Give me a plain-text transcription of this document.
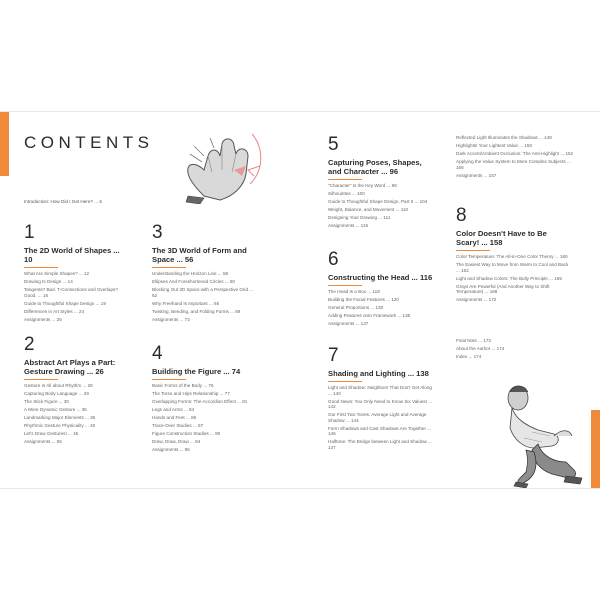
CONTENTS
Introduction: How Did I Get Here? ... 6
1
The 2D World of Shapes ... 10
What Are Simple Shapes? ... 12
Drawing Is Design ... 14
Tangents? Bad. T-Connections and Overlaps? Good. ... 16
Guide to Thoughtful Shape Design ... 19
Differences in Art Styles ... 24
Assignments ... 25
2
Abstract Art Plays a Part: Gesture Drawing ... 26
Gesture Is All about Rhythm ... 28
Capturing Body Language ... 29
The Stick Figure ... 30
A More Dynamic Gesture ... 35
Landmarking Major Elements ... 36
Rhythmic Gesture Physicality ... 40
Let's Draw Gestures! ... 45
Assignments ... 55
3
The 3D World of Form and Space ... 56
Understanding the Horizon Line ... 58
Ellipses And Foreshortened Circles ... 60
Blocking Out 3D Space with a Perspective Grid ... 62
Why Freehand Is Important ... 66
Twisting, Bending, and Folding Forms ... 69
Assignments ... 73
4
Building the Figure ... 74
Basic Forms of the Body ... 76
The Torso and Hips Relationship ... 77
Overlapping Forms: The Accordion Effect ... 81
Legs and Arms ... 84
Hands and Feet ... 86
Trace-Over Studies ... 87
Figure Construction Studies ... 90
Draw, Draw, Draw ... 94
Assignments ... 95
5
Capturing Poses, Shapes, and Character ... 96
"Character" Is the Key Word ... 98
Silhouettes ... 100
Guide to Thoughtful Shape Design, Part II ... 104
Weight, Balance, and Movement ... 110
Designing Your Drawing ... 111
Assignments ... 115
6
Constructing the Head ... 116
The Head Is a Box ... 118
Building the Facial Features ... 120
General Proportions ... 130
Adding Features onto Framework ... 135
Assignments ... 137
7
Shading and Lighting ... 138
Light and Shadow: Neighbors That Don't Get Along ... 140
Good News: You Only Need to Know Six Values! ... 142
Our First Two Tones: Average Light and Average Shadow ... 144
Form Shadows and Cast Shadows Are Together ... 146
Halftone: The Bridge between Light and Shadow ... 147
Reflected Light Illuminates the Shadows ... 148
Highlights! Your Lightest Value ... 150
Dark Accent/Ambient Occlusion: The Anti-Highlight ... 152
Applying the Value System to More Complex Subjects ... 156
Assignments ... 157
8
Color Doesn't Have to Be Scary! ... 158
Color Temperature: The All-in-One Color Theory ... 160
The Easiest Way to Move from Warm to Cool and Back ... 162
Light and Shadow Colors: The Bully Principle ... 165
Grays Are Powerful (And Another Way to Shift Temperature) ... 168
Assignments ... 172
Final Note ... 173
About the Author ... 174
Index ... 174
